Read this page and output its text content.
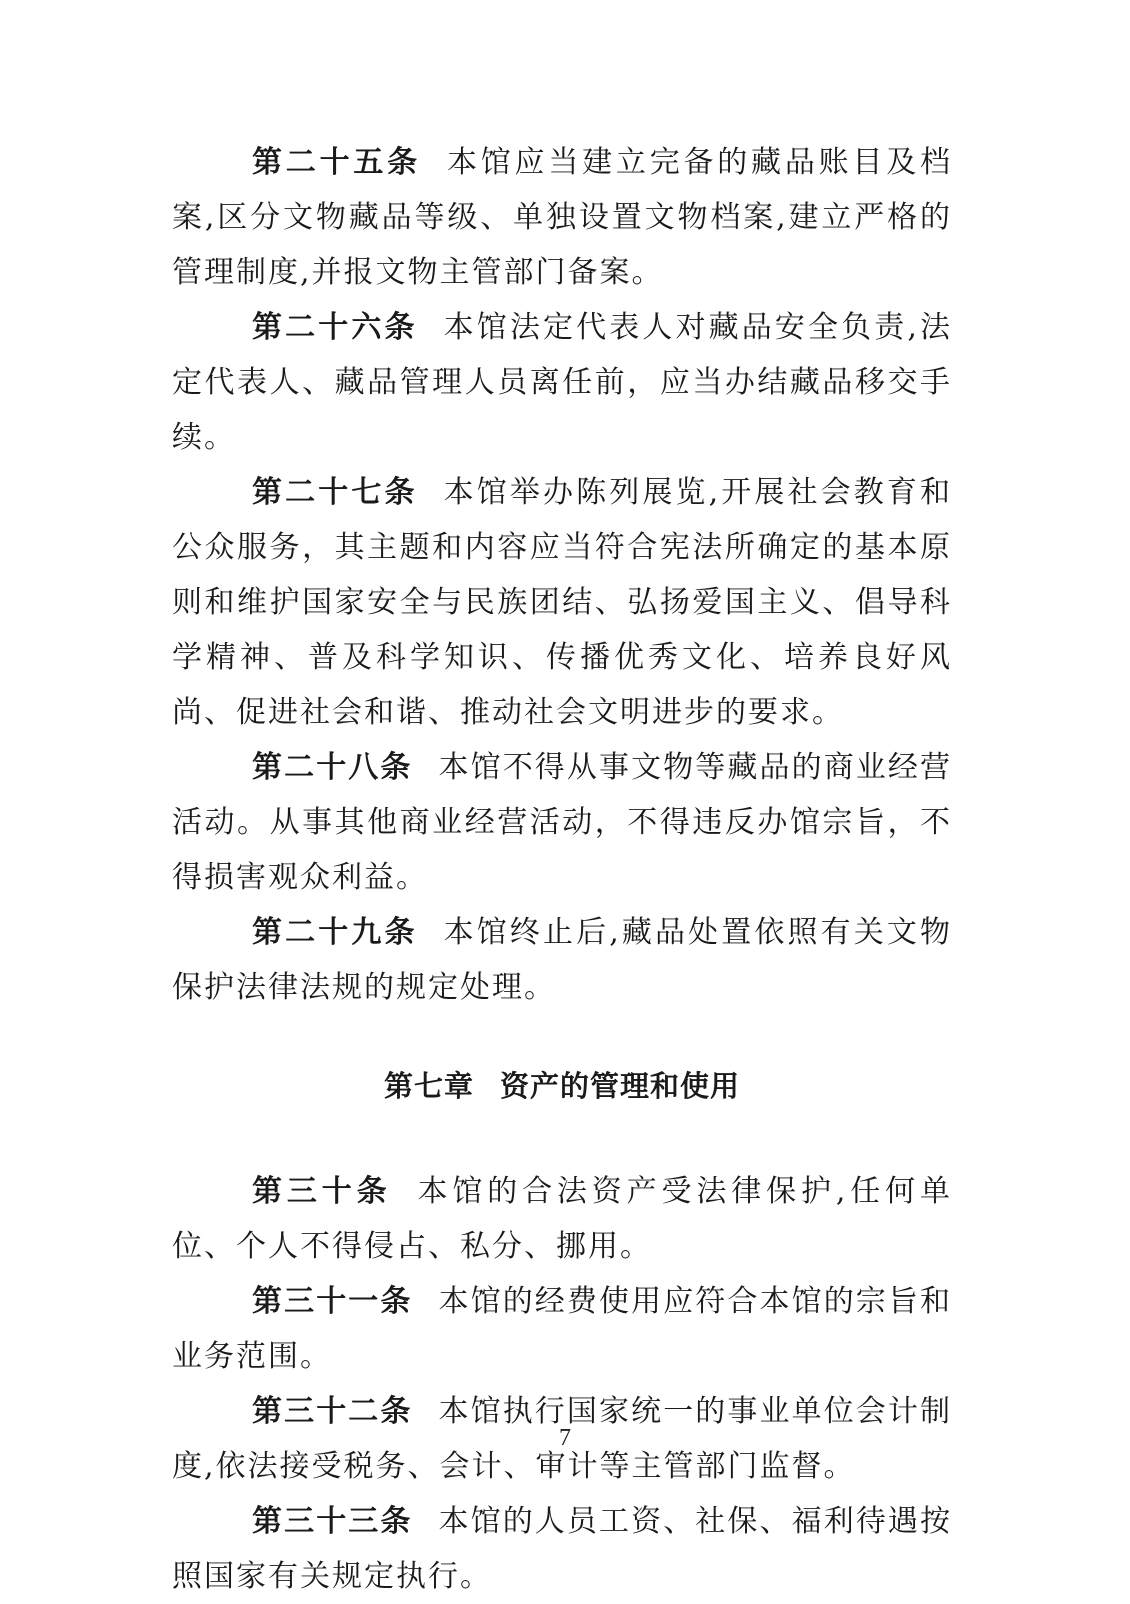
第二十五条 本馆应当建立完备的藏品账目及档案,区分文物藏品等级、单独设置文物档案,建立严格的管理制度,并报文物主管部门备案。

第二十六条 本馆法定代表人对藏品安全负责,法定代表人、藏品管理人员离任前，应当办结藏品移交手续。

第二十七条 本馆举办陈列展览,开展社会教育和公众服务，其主题和内容应当符合宪法所确定的基本原则和维护国家安全与民族团结、弘扬爱国主义、倡导科学精神、普及科学知识、传播优秀文化、培养良好风尚、促进社会和谐、推动社会文明进步的要求。

第二十八条 本馆不得从事文物等藏品的商业经营活动。从事其他商业经营活动，不得违反办馆宗旨，不得损害观众利益。

第二十九条 本馆终止后,藏品处置依照有关文物保护法律法规的规定处理。

第七章 资产的管理和使用

第三十条 本馆的合法资产受法律保护,任何单位、个人不得侵占、私分、挪用。

第三十一条 本馆的经费使用应符合本馆的宗旨和业务范围。

第三十二条 本馆执行国家统一的事业单位会计制度,依法接受税务、会计、审计等主管部门监督。

第三十三条 本馆的人员工资、社保、福利待遇按照国家有关规定执行。

7
